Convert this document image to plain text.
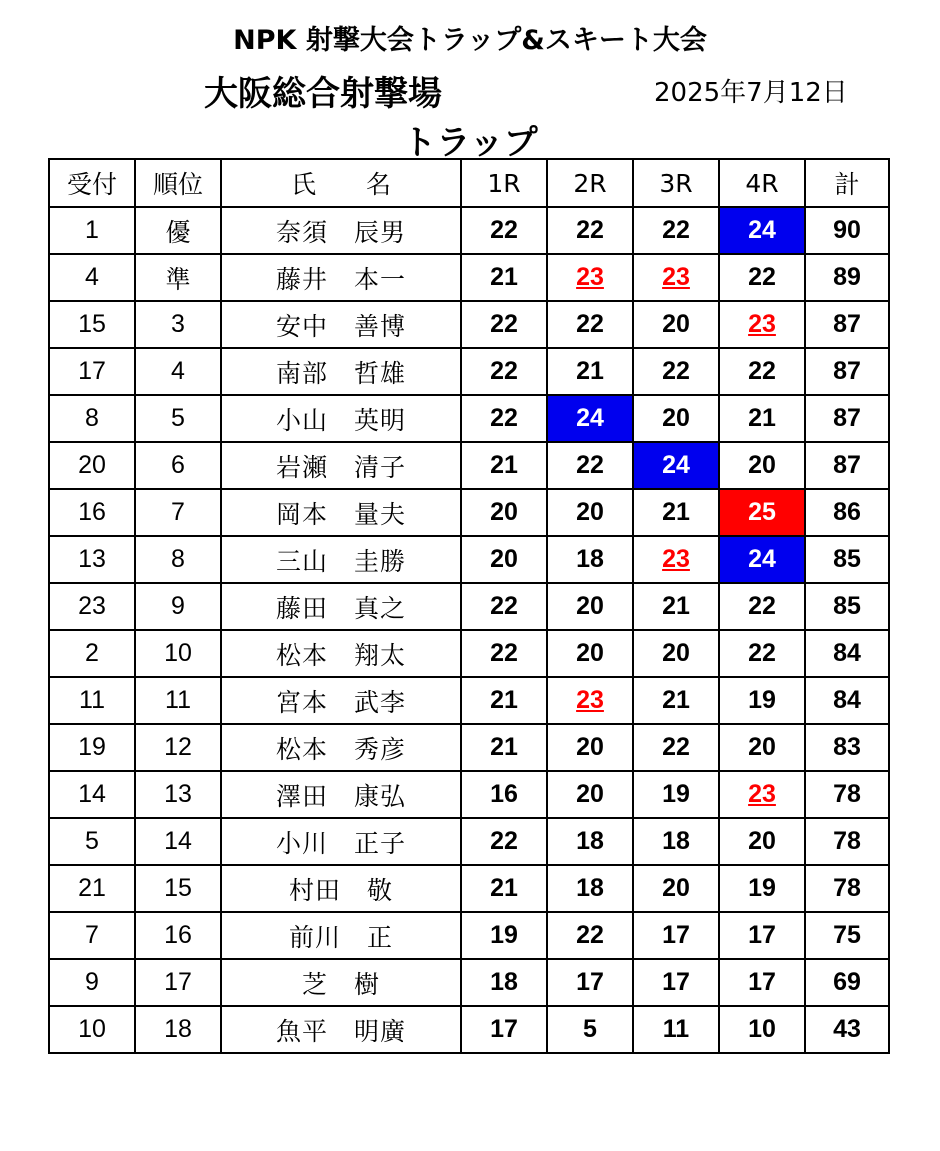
NPK 射撃大会トラップ&スキート大会
大阪総合射撃場	2025年7月12日
トラップ
受付	順位	氏　　名	1R	2R	3R	4R	計
1	優	奈須　辰男	22	22	22	24	90
4	準	藤井　本一	21	23	23	22	89
15	3	安中　善博	22	22	20	23	87
17	4	南部　哲雄	22	21	22	22	87
8	5	小山　英明	22	24	20	21	87
20	6	岩瀬　清子	21	22	24	20	87
16	7	岡本　量夫	20	20	21	25	86
13	8	三山　圭勝	20	18	23	24	85
23	9	藤田　真之	22	20	21	22	85
2	10	松本　翔太	22	20	20	22	84
11	11	宮本　武李	21	23	21	19	84
19	12	松本　秀彦	21	20	22	20	83
14	13	澤田　康弘	16	20	19	23	78
5	14	小川　正子	22	18	18	20	78
21	15	村田　敬	21	18	20	19	78
7	16	前川　正	19	22	17	17	75
9	17	芝　樹	18	17	17	17	69
10	18	魚平　明廣	17	5	11	10	43
